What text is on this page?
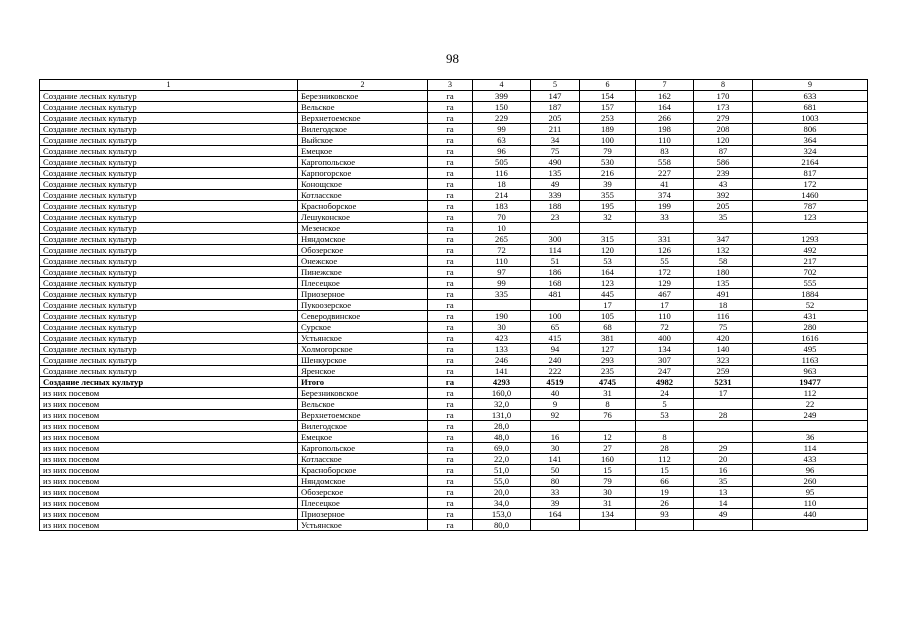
98
1	2	3	4	5	6	7	8	9
Создание лесных культур	Березниковское	га	399	147	154	162	170	633
Создание лесных культур	Вельское	га	150	187	157	164	173	681
Создание лесных культур	Верхнетоемское	га	229	205	253	266	279	1003
Создание лесных культур	Вилегодское	га	99	211	189	198	208	806
Создание лесных культур	Выйское	га	63	34	100	110	120	364
Создание лесных культур	Емецкое	га	96	75	79	83	87	324
Создание лесных культур	Каргопольское	га	505	490	530	558	586	2164
Создание лесных культур	Карпогорское	га	116	135	216	227	239	817
Создание лесных культур	Конощское	га	18	49	39	41	43	172
Создание лесных культур	Котласское	га	214	339	355	374	392	1460
Создание лесных культур	Красноборское	га	183	188	195	199	205	787
Создание лесных культур	Лешуконское	га	70	23	32	33	35	123
Создание лесных культур	Мезенское	га	10					
Создание лесных культур	Няндомское	га	265	300	315	331	347	1293
Создание лесных культур	Обозерское	га	72	114	120	126	132	492
Создание лесных культур	Онежское	га	110	51	53	55	58	217
Создание лесных культур	Пинежское	га	97	186	164	172	180	702
Создание лесных культур	Плесецкое	га	99	168	123	129	135	555
Создание лесных культур	Приозерное	га	335	481	445	467	491	1884
Создание лесных культур	Пукоозерское	га			17	17	18	52
Создание лесных культур	Северодвинское	га	190	100	105	110	116	431
Создание лесных культур	Сурское	га	30	65	68	72	75	280
Создание лесных культур	Устьянское	га	423	415	381	400	420	1616
Создание лесных культур	Холмогорское	га	133	94	127	134	140	495
Создание лесных культур	Шенкурское	га	246	240	293	307	323	1163
Создание лесных культур	Яренское	га	141	222	235	247	259	963
Создание лесных культур	Итого	га	4293	4519	4745	4982	5231	19477
из них посевом	Березниковское	га	160,0	40	31	24	17	112
из них посевом	Вельское	га	32,0	9	8	5		22
из них посевом	Верхнетоемское	га	131,0	92	76	53	28	249
из них посевом	Вилегодское	га	28,0					
из них посевом	Емецкое	га	48,0	16	12	8		36
из них посевом	Каргопольское	га	69,0	30	27	28	29	114
из них посевом	Котласское	га	22,0	141	160	112	20	433
из них посевом	Красноборское	га	51,0	50	15	15	16	96
из них посевом	Няндомское	га	55,0	80	79	66	35	260
из них посевом	Обозерское	га	20,0	33	30	19	13	95
из них посевом	Плесецкое	га	34,0	39	31	26	14	110
из них посевом	Приозерное	га	153,0	164	134	93	49	440
из них посевом	Устьянское	га	80,0					
